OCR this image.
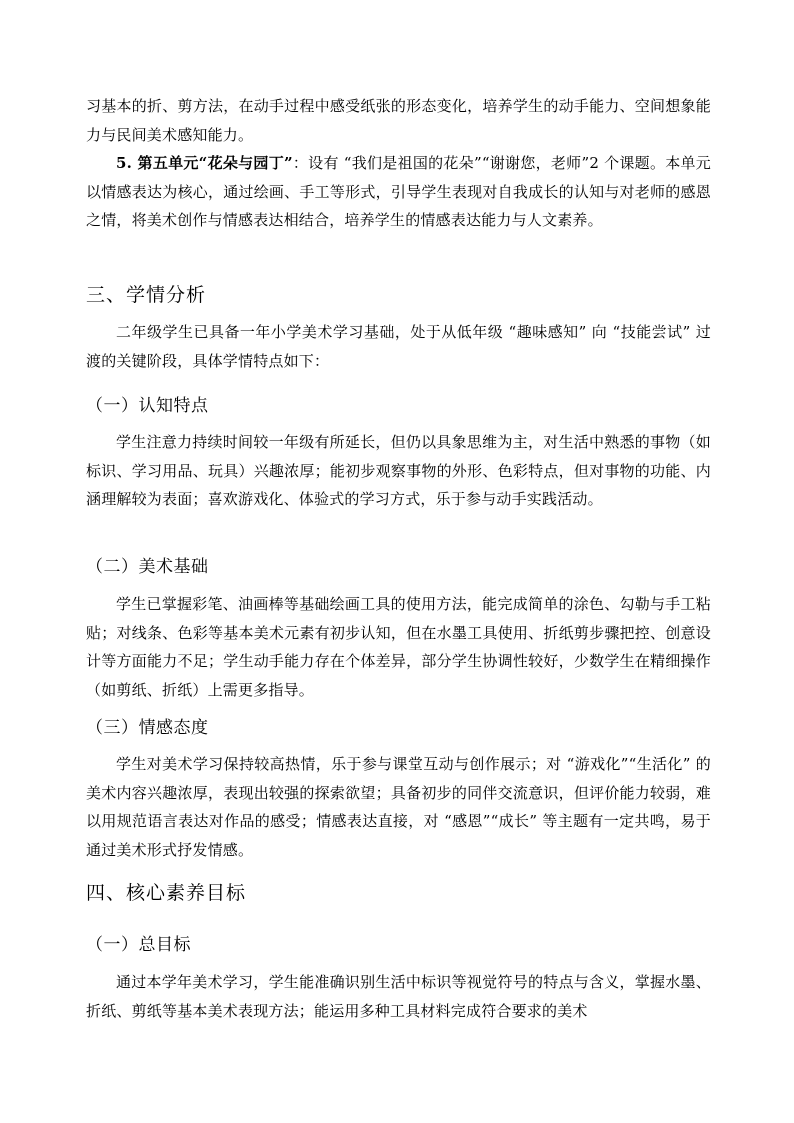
习基本的折、剪方法，在动手过程中感受纸张的形态变化，培养学生的动手能力、空间想象能力与民间美术感知能力。

5. 第五单元“花朵与园丁”：设有 “我们是祖国的花朵”“谢谢您，老师”2 个课题。本单元以情感表达为核心，通过绘画、手工等形式，引导学生表现对自我成长的认知与对老师的感恩之情，将美术创作与情感表达相结合，培养学生的情感表达能力与人文素养。

三、学情分析

二年级学生已具备一年小学美术学习基础，处于从低年级 “趣味感知” 向 “技能尝试” 过渡的关键阶段，具体学情特点如下：

（一）认知特点

学生注意力持续时间较一年级有所延长，但仍以具象思维为主，对生活中熟悉的事物（如标识、学习用品、玩具）兴趣浓厚；能初步观察事物的外形、色彩特点，但对事物的功能、内涵理解较为表面；喜欢游戏化、体验式的学习方式，乐于参与动手实践活动。

（二）美术基础

学生已掌握彩笔、油画棒等基础绘画工具的使用方法，能完成简单的涂色、勾勒与手工粘贴；对线条、色彩等基本美术元素有初步认知，但在水墨工具使用、折纸剪步骤把控、创意设计等方面能力不足；学生动手能力存在个体差异，部分学生协调性较好，少数学生在精细操作（如剪纸、折纸）上需更多指导。

（三）情感态度

学生对美术学习保持较高热情，乐于参与课堂互动与创作展示；对 “游戏化”“生活化” 的美术内容兴趣浓厚，表现出较强的探索欲望；具备初步的同伴交流意识，但评价能力较弱，难以用规范语言表达对作品的感受；情感表达直接，对 “感恩”“成长” 等主题有一定共鸣，易于通过美术形式抒发情感。

四、核心素养目标
（一）总目标

通过本学年美术学习，学生能准确识别生活中标识等视觉符号的特点与含义，掌握水墨、折纸、剪纸等基本美术表现方法；能运用多种工具材料完成符合要求的美术
